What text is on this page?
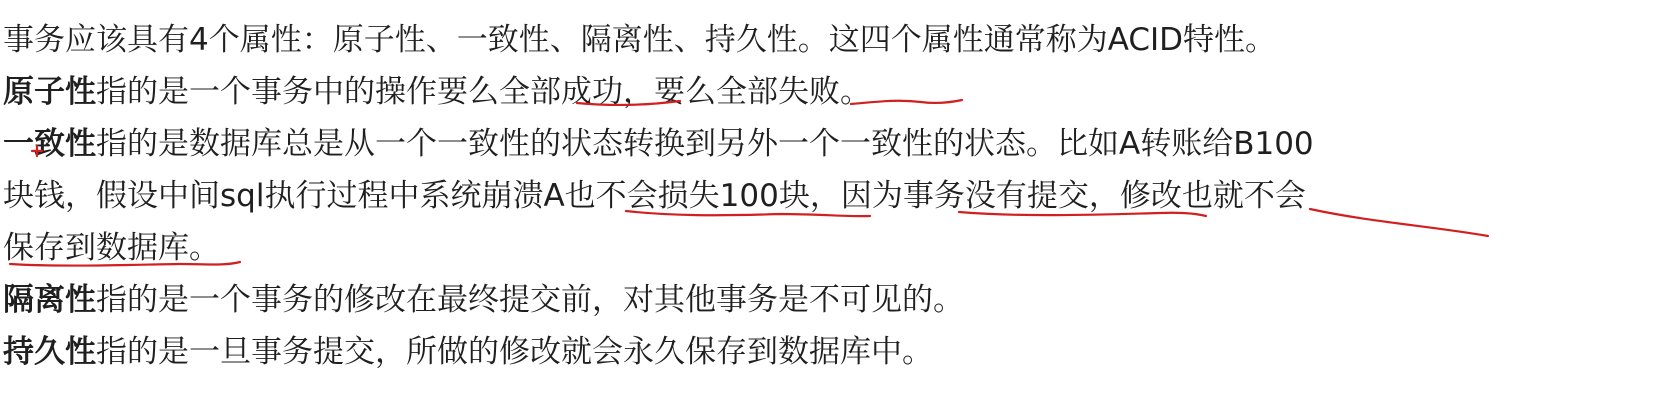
事务应该具有4个属性：原子性、一致性、隔离性、持久性。这四个属性通常称为ACID特性。
原子性指的是一个事务中的操作要么全部成功，要么全部失败。
一致性指的是数据库总是从一个一致性的状态转换到另外一个一致性的状态。比如A转账给B100
块钱，假设中间sql执行过程中系统崩溃A也不会损失100块，因为事务没有提交，修改也就不会
保存到数据库。
隔离性指的是一个事务的修改在最终提交前，对其他事务是不可见的。
持久性指的是一旦事务提交，所做的修改就会永久保存到数据库中。
